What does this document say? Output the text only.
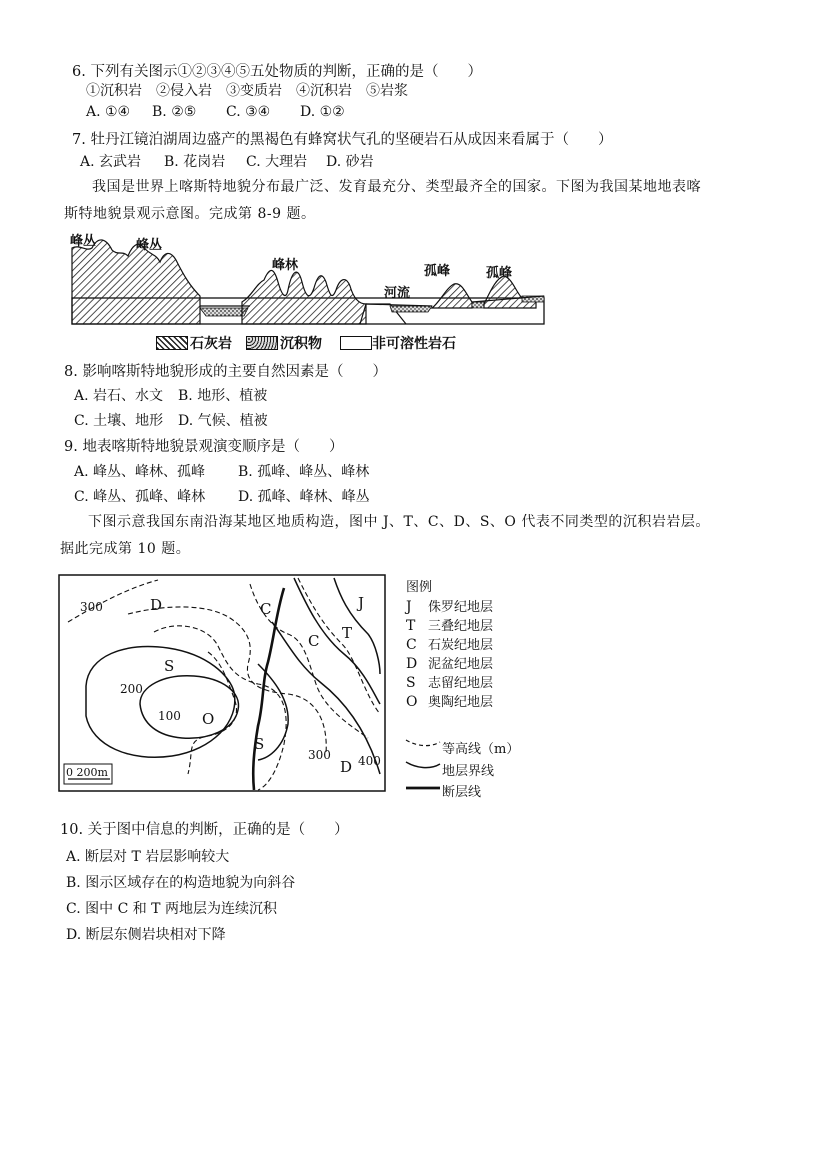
6. 下列有关图示①②③④⑤五处物质的判断，正确的是（　　）
①沉积岩　②侵入岩　③变质岩　④沉积岩　⑤岩浆
A. ①④ B. ②⑤ C. ③④ D. ①②
7. 牡丹江镜泊湖周边盛产的黑褐色有蜂窝状气孔的坚硬岩石从成因来看属于（　　）
A. 玄武岩 B. 花岗岩 C. 大理岩 D. 砂岩
我国是世界上喀斯特地貌分布最广泛、发育最充分、类型最齐全的国家。下图为我国某地地表喀
斯特地貌景观示意图。完成第 8-9 题。
峰丛	峰丛
峰林
河流
孤峰	孤峰
石灰岩	沉积物	非可溶性岩石
8. 影响喀斯特地貌形成的主要自然因素是（　　）
A. 岩石、水文 B. 地形、植被
C. 土壤、地形 D. 气候、植被
9. 地表喀斯特地貌景观演变顺序是（　　）
A. 峰丛、峰林、孤峰 B. 孤峰、峰丛、峰林
C. 峰丛、孤峰、峰林 D. 孤峰、峰林、峰丛
下图示意我国东南沿海某地区地质构造，图中 J、T、C、D、S、O 代表不同类型的沉积岩岩层。
据此完成第 10 题。
300
200
100
300 400
D	C	J
C T
S
O
S
D
0 200m
图例
J 侏罗纪地层
T 三叠纪地层
C 石炭纪地层
D 泥盆纪地层
S 志留纪地层
O 奥陶纪地层
等高线（m）
地层界线
断层线
10. 关于图中信息的判断，正确的是（　　）
A. 断层对 T 岩层影响较大
B. 图示区域存在的构造地貌为向斜谷
C. 图中 C 和 T 两地层为连续沉积
D. 断层东侧岩块相对下降
